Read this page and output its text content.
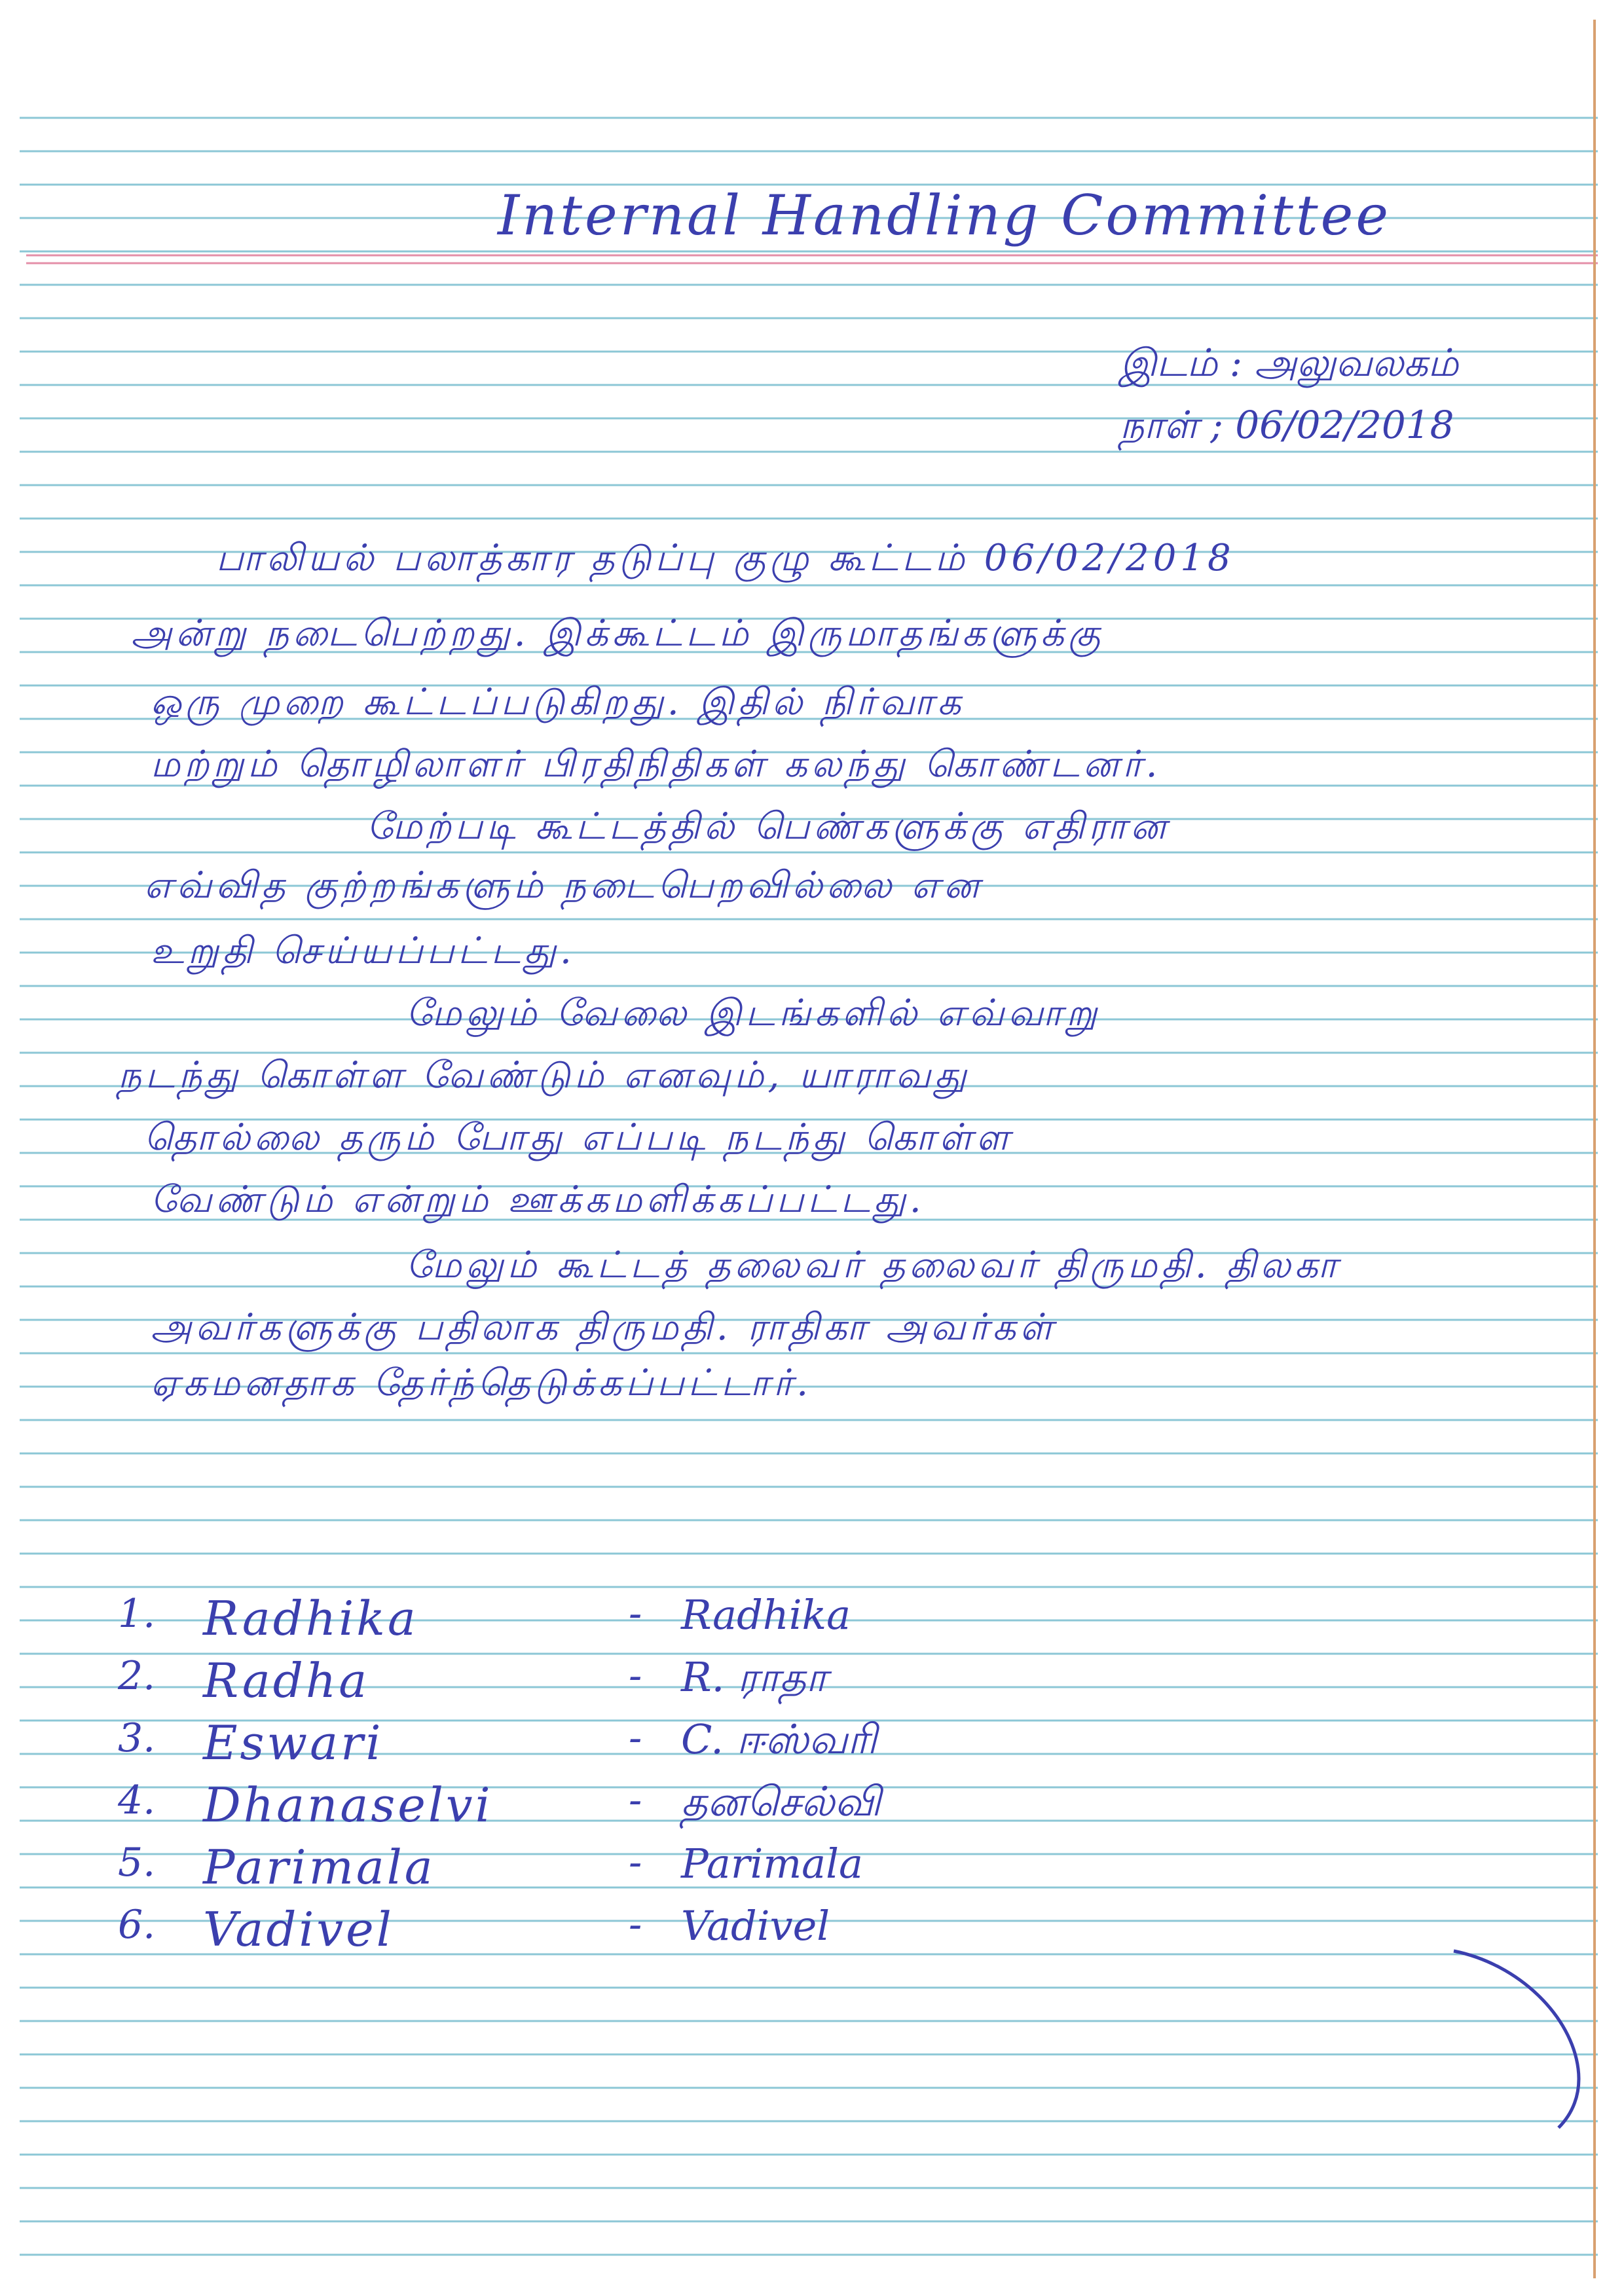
Internal Handling Committee
இடம் : அலுவலகம்
நாள் ; 06/02/2018
பாலியல் பலாத்கார தடுப்பு குழு கூட்டம் 06/02/2018
அன்று நடைபெற்றது. இக்கூட்டம் இருமாதங்களுக்கு
ஒரு முறை கூட்டப்படுகிறது. இதில் நிர்வாக
மற்றும் தொழிலாளர் பிரதிநிதிகள் கலந்து கொண்டனர்.
மேற்படி கூட்டத்தில் பெண்களுக்கு எதிரான
எவ்வித குற்றங்களும் நடைபெறவில்லை என
உறுதி செய்யப்பட்டது.
மேலும் வேலை இடங்களில் எவ்வாறு
நடந்து கொள்ள வேண்டும் எனவும், யாராவது
தொல்லை தரும் போது எப்படி நடந்து கொள்ள
வேண்டும் என்றும் ஊக்கமளிக்கப்பட்டது.
மேலும் கூட்டத் தலைவர் தலைவர் திருமதி. திலகா
அவர்களுக்கு பதிலாக திருமதி. ராதிகா அவர்கள்
ஏகமனதாக தேர்ந்தெடுக்கப்பட்டார்.
1. Radhika	- Radhika
2. Radha	- R. ராதா
3. Eswari	- C. ஈஸ்வரி
4. Dhanaselvi	- தனசெல்வி
5. Parimala	- Parimala
6. Vadivel	- Vadivel
